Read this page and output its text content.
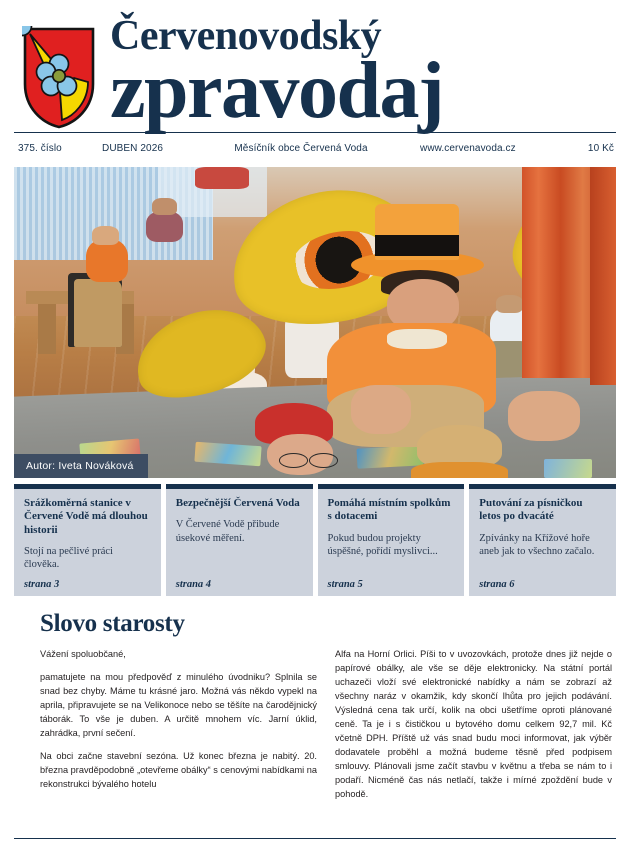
Červenovodský
zpravodaj
375. číslo	DUBEN 2026	Měsíčník obce Červená Voda	www.cervenavoda.cz	10 Kč
Autor: Iveta Nováková
Srážkoměrná stanice v Červené Vodě má dlouhou historii
Stojí na pečlivé práci člověka.
strana 3
Bezpečnější Červená Voda
V Červené Vodě přibude úsekové měření.
strana 4
Pomáhá místním spolkům s dotacemi
Pokud budou projekty úspěšné, pořídí myslivci...
strana 5
Putování za písničkou letos po dvacáté
Zpívánky na Křížové hoře aneb jak to všechno začalo.
strana 6
Slovo starosty

Vážení spoluobčané,

pamatujete na mou předpověď z minulého úvodniku? Splnila se snad bez chyby. Máme tu krásné jaro. Možná vás někdo vypekl na aprila, připravujete se na Velikonoce nebo se těšíte na čarodějnický táborák. To vše je duben. A určitě mnohem víc. Jarní úklid, zahrádka, první sečení.

Na obci začne stavební sezóna. Už konec března je nabitý. 20. března pravděpodobně „otevřeme obálky“ s cenovými nabídkami na rekonstrukci bývalého hotelu

Alfa na Horní Orlici. Píši to v uvozovkách, protože dnes již nejde o papírové obálky, ale vše se děje elektronicky. Na státní portál uchazeči vloží své elektronické nabídky a nám se zobrazí až všechny naráz v okamžik, kdy skončí lhůta pro jejich podávání. Výsledná cena tak určí, kolik na obci ušetříme oproti plánované ceně. Ta je i s čističkou u bytového domu celkem 92,7 mil. Kč včetně DPH. Příště už vás snad budu moci informovat, jak výběr dodavatele proběhl a možná budeme těsně před podpisem smlouvy. Plánovali jsme začít stavbu v květnu a třeba se nám to i podaří. Nicméně čas nás netlačí, takže i mírné zpoždění bude v pohodě.
